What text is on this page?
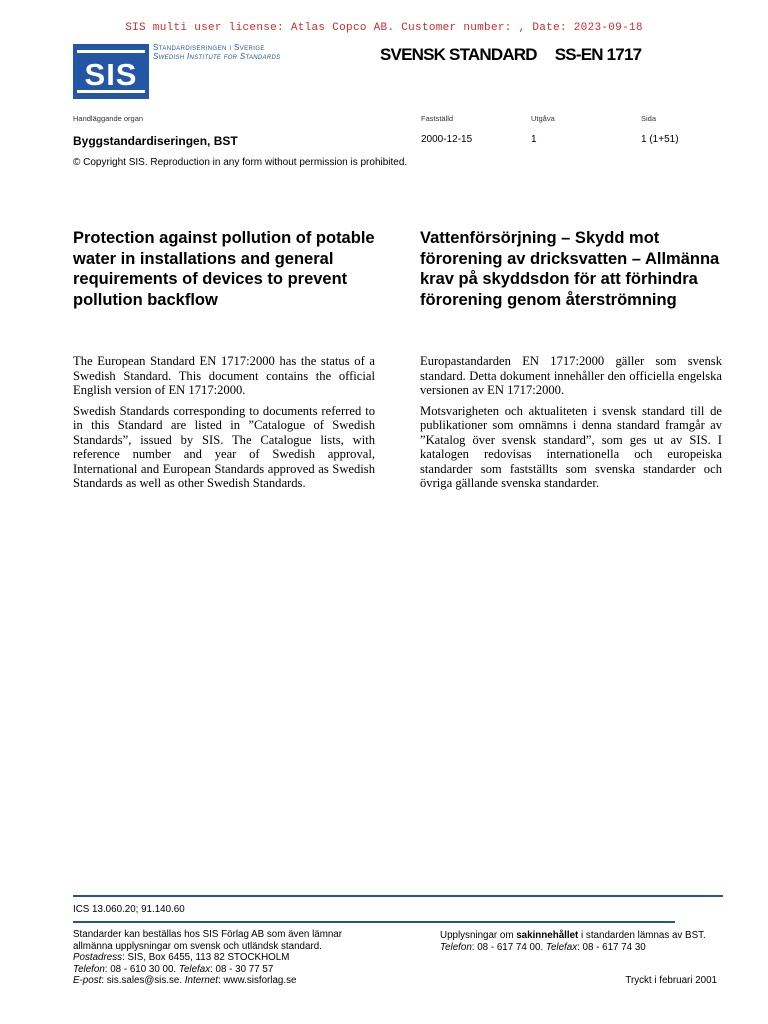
SIS multi user license: Atlas Copco AB. Customer number: , Date: 2023-09-18
SIS
Standardiseringen i Sverige
Swedish Institute for Standards	SVENSK STANDARD SS-EN 1717
Handläggande organ	Fastställd	Utgåva	Sida
Byggstandardiseringen, BST	2000-12-15	1	1 (1+51)
© Copyright SIS. Reproduction in any form without permission is prohibited.
Protection against pollution of potable water in installations and general requirements of devices to prevent pollution backflow
Vattenförsörjning – Skydd mot förorening av dricksvatten – Allmänna krav på skyddsdon för att förhindra förorening genom återströmning

The European Standard EN 1717:2000 has the status of a Swedish Standard. This document contains the official English version of EN 1717:2000.

Swedish Standards corresponding to documents referred to in this Standard are listed in ”Catalogue of Swedish Standards”, issued by SIS. The Catalogue lists, with reference number and year of Swedish approval, International and European Standards approved as Swedish Standards as well as other Swedish Standards.

Europastandarden EN 1717:2000 gäller som svensk standard. Detta dokument innehåller den officiella engelska versionen av EN 1717:2000.

Motsvarigheten och aktualiteten i svensk standard till de publikationer som omnämns i denna standard framgår av ”Katalog över svensk standard”, som ges ut av SIS. I katalogen redovisas internationella och europeiska standarder som fastställts som svenska standarder och övriga gällande svenska standarder.

ICS 13.060.20; 91.140.60
Standarder kan beställas hos SIS Förlag AB som även lämnar
allmänna upplysningar om svensk och utländsk standard.
Postadress: SIS, Box 6455, 113 82 STOCKHOLM
Telefon: 08 - 610 30 00. Telefax: 08 - 30 77 57
E-post: sis.sales@sis.se. Internet: www.sisforlag.se
Upplysningar om sakinnehållet i standarden lämnas av BST.
Telefon: 08 - 617 74 00. Telefax: 08 - 617 74 30
Tryckt i februari 2001
